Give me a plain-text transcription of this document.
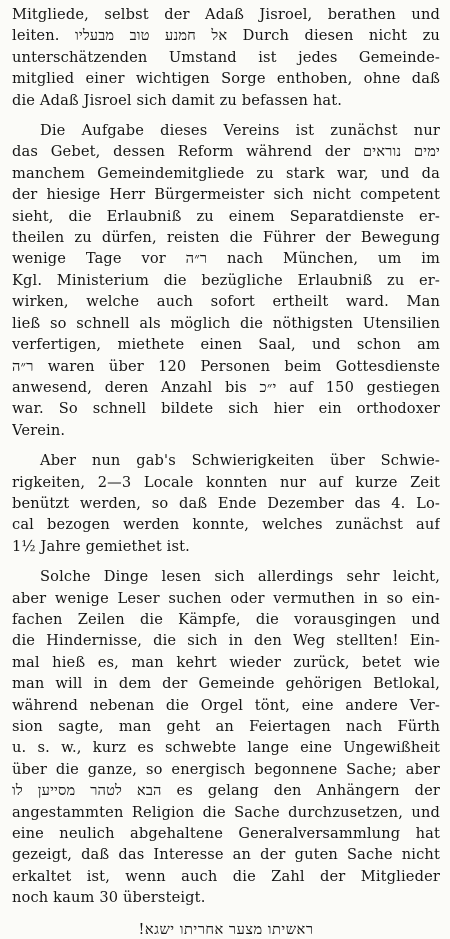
Mitgliede, selbst der Adaß Jisroel, berathen und
leiten. אל חמנע טוב מבעליו Durch diesen nicht zu
unterschätzenden Umstand ist jedes Gemeinde-
mitglied einer wichtigen Sorge enthoben, ohne daß
die Adaß Jisroel sich damit zu befassen hat.

Die Aufgabe dieses Vereins ist zunächst nur
das Gebet, dessen Reform während der ימים נוראים
manchem Gemeindemitgliede zu stark war, und da
der hiesige Herr Bürgermeister sich nicht competent
sieht, die Erlaubniß zu einem Separatdienste er-
theilen zu dürfen, reisten die Führer der Bewegung
wenige Tage vor ר״ה nach München, um im
Kgl. Ministerium die bezügliche Erlaubniß zu er-
wirken, welche auch sofort ertheilt ward. Man
ließ so schnell als möglich die nöthigsten Utensilien
verfertigen, miethete einen Saal, und schon am
ר״ה waren über 120 Personen beim Gottesdienste
anwesend, deren Anzahl bis י״כ auf 150 gestiegen
war. So schnell bildete sich hier ein orthodoxer
Verein.

Aber nun gab's Schwierigkeiten über Schwie-
rigkeiten, 2—3 Locale konnten nur auf kurze Zeit
benützt werden, so daß Ende Dezember das 4. Lo-
cal bezogen werden konnte, welches zunächst auf
1½ Jahre gemiethet ist.

Solche Dinge lesen sich allerdings sehr leicht,
aber wenige Leser suchen oder vermuthen in so ein-
fachen Zeilen die Kämpfe, die vorausgingen und
die Hindernisse, die sich in den Weg stellten! Ein-
mal hieß es, man kehrt wieder zurück, betet wie
man will in dem der Gemeinde gehörigen Betlokal,
während nebenan die Orgel tönt, eine andere Ver-
sion sagte, man geht an Feiertagen nach Fürth
u. s. w., kurz es schwebte lange eine Ungewißheit
über die ganze, so energisch begonnene Sache; aber
הבא לטהר מסייען לו es gelang den Anhängern der
angestammten Religion die Sache durchzusetzen, und
eine neulich abgehaltene Generalversammlung hat
gezeigt, daß das Interesse an der guten Sache nicht
erkaltet ist, wenn auch die Zahl der Mitglieder
noch kaum 30 übersteigt.

ראשיתו מצער אחריתו ישגא!
